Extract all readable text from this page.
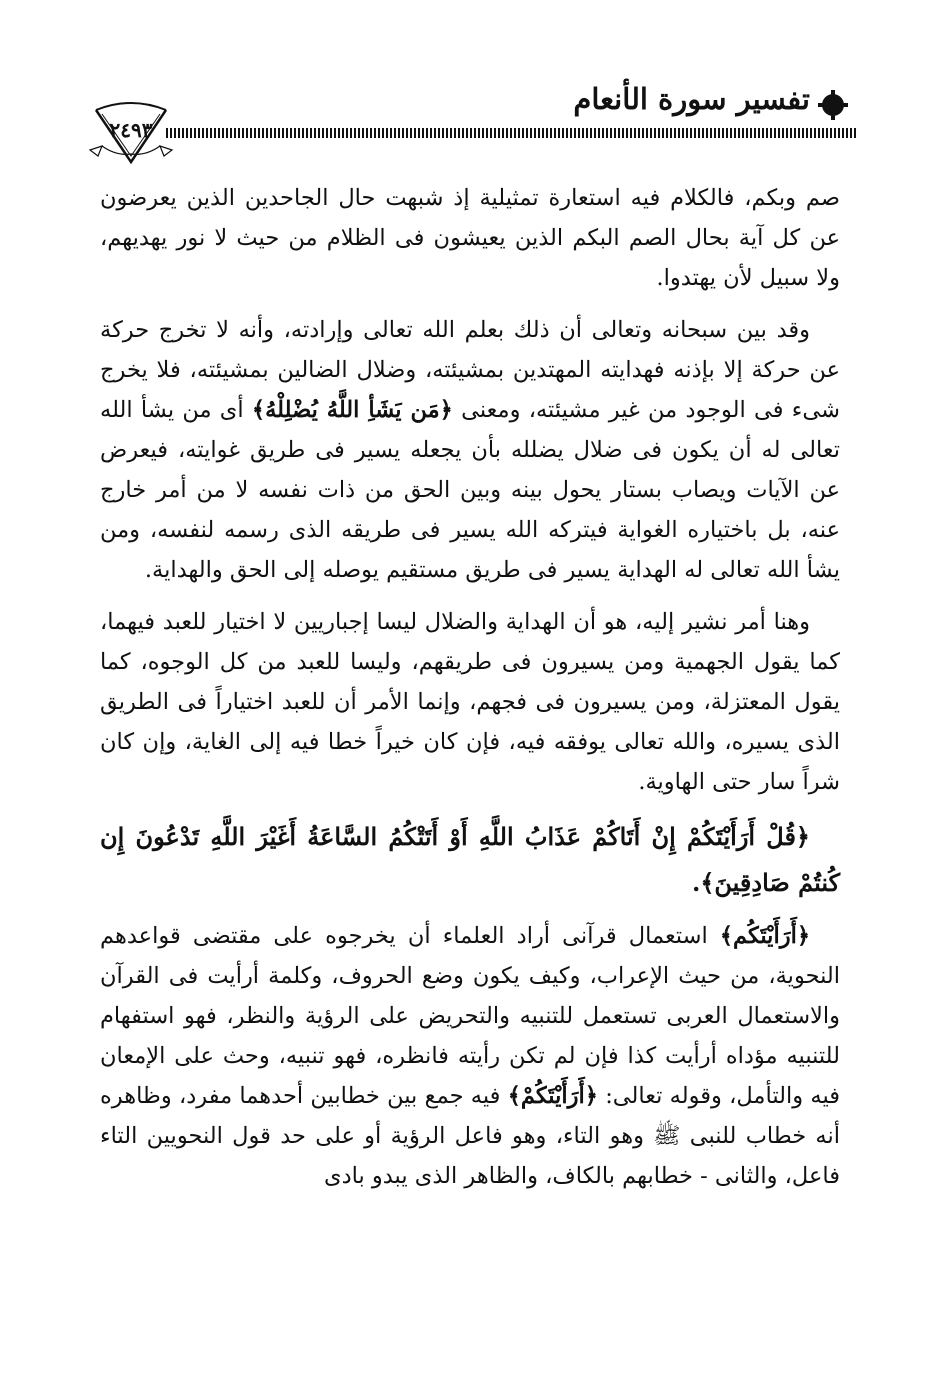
تفسير سورة الأنعام
٢٤٩٣

صم وبكم، فالكلام فيه استعارة تمثيلية إذ شبهت حال الجاحدين الذين يعرضون عن كل آية بحال الصم البكم الذين يعيشون فى الظلام من حيث لا نور يهديهم، ولا سبيل لأن يهتدوا.

وقد بين سبحانه وتعالى أن ذلك بعلم الله تعالى وإرادته، وأنه لا تخرج حركة عن حركة إلا بإذنه فهدايته المهتدين بمشيئته، وضلال الضالين بمشيئته، فلا يخرج شىء فى الوجود من غير مشيئته، ومعنى ﴿مَن يَشَأِ اللَّهُ يُضْلِلْهُ﴾ أى من يشأ الله تعالى له أن يكون فى ضلال يضلله بأن يجعله يسير فى طريق غوايته، فيعرض عن الآيات ويصاب بستار يحول بينه وبين الحق من ذات نفسه لا من أمر خارج عنه، بل باختياره الغواية فيتركه الله يسير فى طريقه الذى رسمه لنفسه، ومن يشأ الله تعالى له الهداية يسير فى طريق مستقيم يوصله إلى الحق والهداية.

وهنا أمر نشير إليه، هو أن الهداية والضلال ليسا إجباريين لا اختيار للعبد فيهما، كما يقول الجهمية ومن يسيرون فى طريقهم، وليسا للعبد من كل الوجوه، كما يقول المعتزلة، ومن يسيرون فى فجهم، وإنما الأمر أن للعبد اختياراً فى الطريق الذى يسيره، والله تعالى يوفقه فيه، فإن كان خيراً خطا فيه إلى الغاية، وإن كان شراً سار حتى الهاوية.

﴿قُلْ أَرَأَيْتَكُمْ إِنْ أَتَاكُمْ عَذَابُ اللَّهِ أَوْ أَتَتْكُمُ السَّاعَةُ أَغَيْرَ اللَّهِ تَدْعُونَ إِن كُنتُمْ صَادِقِينَ﴾.

﴿أَرَأَيْتَكُم﴾ استعمال قرآنى أراد العلماء أن يخرجوه على مقتضى قواعدهم النحوية، من حيث الإعراب، وكيف يكون وضع الحروف، وكلمة أرأيت فى القرآن والاستعمال العربى تستعمل للتنبيه والتحريض على الرؤية والنظر، فهو استفهام للتنبيه مؤداه أرأيت كذا فإن لم تكن رأيته فانظره، فهو تنبيه، وحث على الإمعان فيه والتأمل، وقوله تعالى: ﴿أَرَأَيْتَكُمْ﴾ فيه جمع بين خطابين أحدهما مفرد، وظاهره أنه خطاب للنبى ﷺ وهو التاء، وهو فاعل الرؤية أو على حد قول النحويين التاء فاعل، والثانى - خطابهم بالكاف، والظاهر الذى يبدو بادى
